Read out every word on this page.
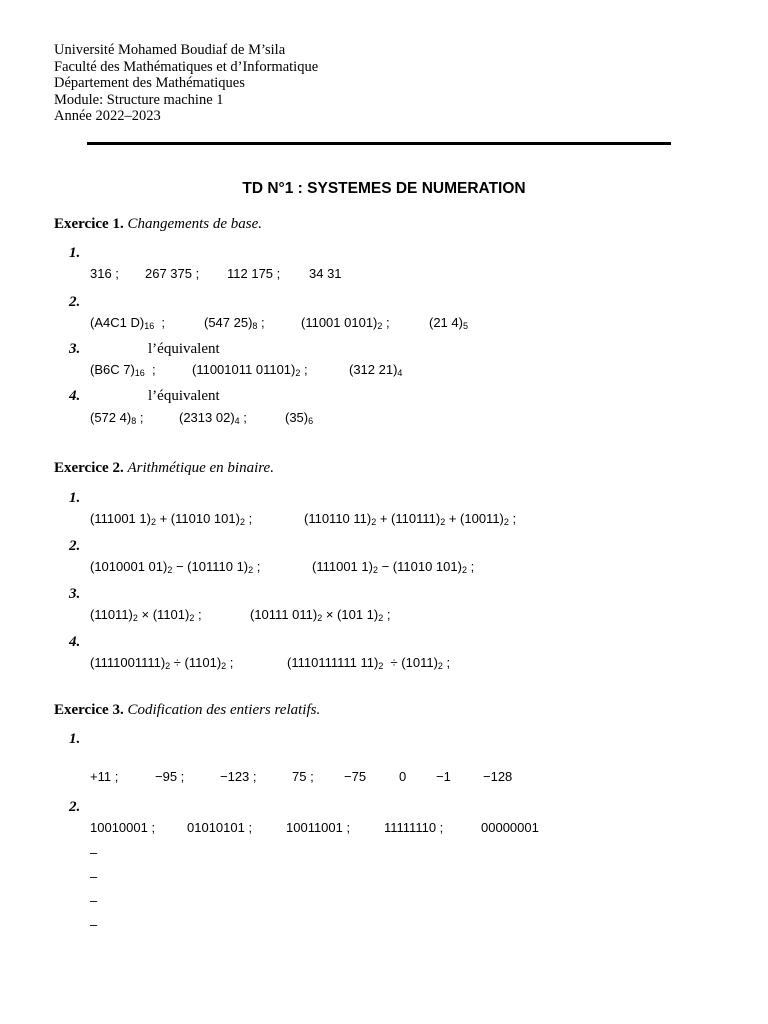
Université Mohamed Boudiaf de M’sila
Faculté des Mathématiques et d’Informatique
Département des Mathématiques
Module: Structure machine 1
Année 2022–2023
TD N°1 : SYSTEMES DE NUMERATION
Exercice 1. Changements de base.
1.
316 ; 267 375 ; 112 175 ; 34 31
2.
(A4C1 $D)_{16}$  ;	(547 $25)_8$ ;	(11001 $0101)_2$ ;	(21 $4)_5$
3.	l’équivalent
(B6C $7)_{16}$  ;	(11001011 $01101)_2$ ;	(312 $21)_4$
4.	l’équivalent
(572 $4)_8$ ;	(2313 $02)_4$ ;	$(35)_6$
Exercice 2. Arithmétique en binaire.
1.
(111001 $1)_2 + (11010$ $101)_2$ ;	(110110 $11)_2 + (110111)_2 + (10011)_2$ ;
2.
(1010001 $01)_2 - (101110$ $1)_2$ ;	(111001 $1)_2 - (11010$ $101)_2$ ;
3.
$(11011)_2 \times (1101)_2$ ;	(10111 $011)_2 \times (101$ $1)_2$ ;
4.
$(1111001111)_2 \div (1101)_2$ ;	(1110111111 $11)_2 \div (1011)_2$ ;
Exercice 3. Codification des entiers relatifs.
1.
+11 ;	−95 ;	−123 ;	75 ; −75	0 −1 −128
2.
10010001 ; 01010101 ;	10011001 ;	11111110 ;	00000001
–
–
–
–
